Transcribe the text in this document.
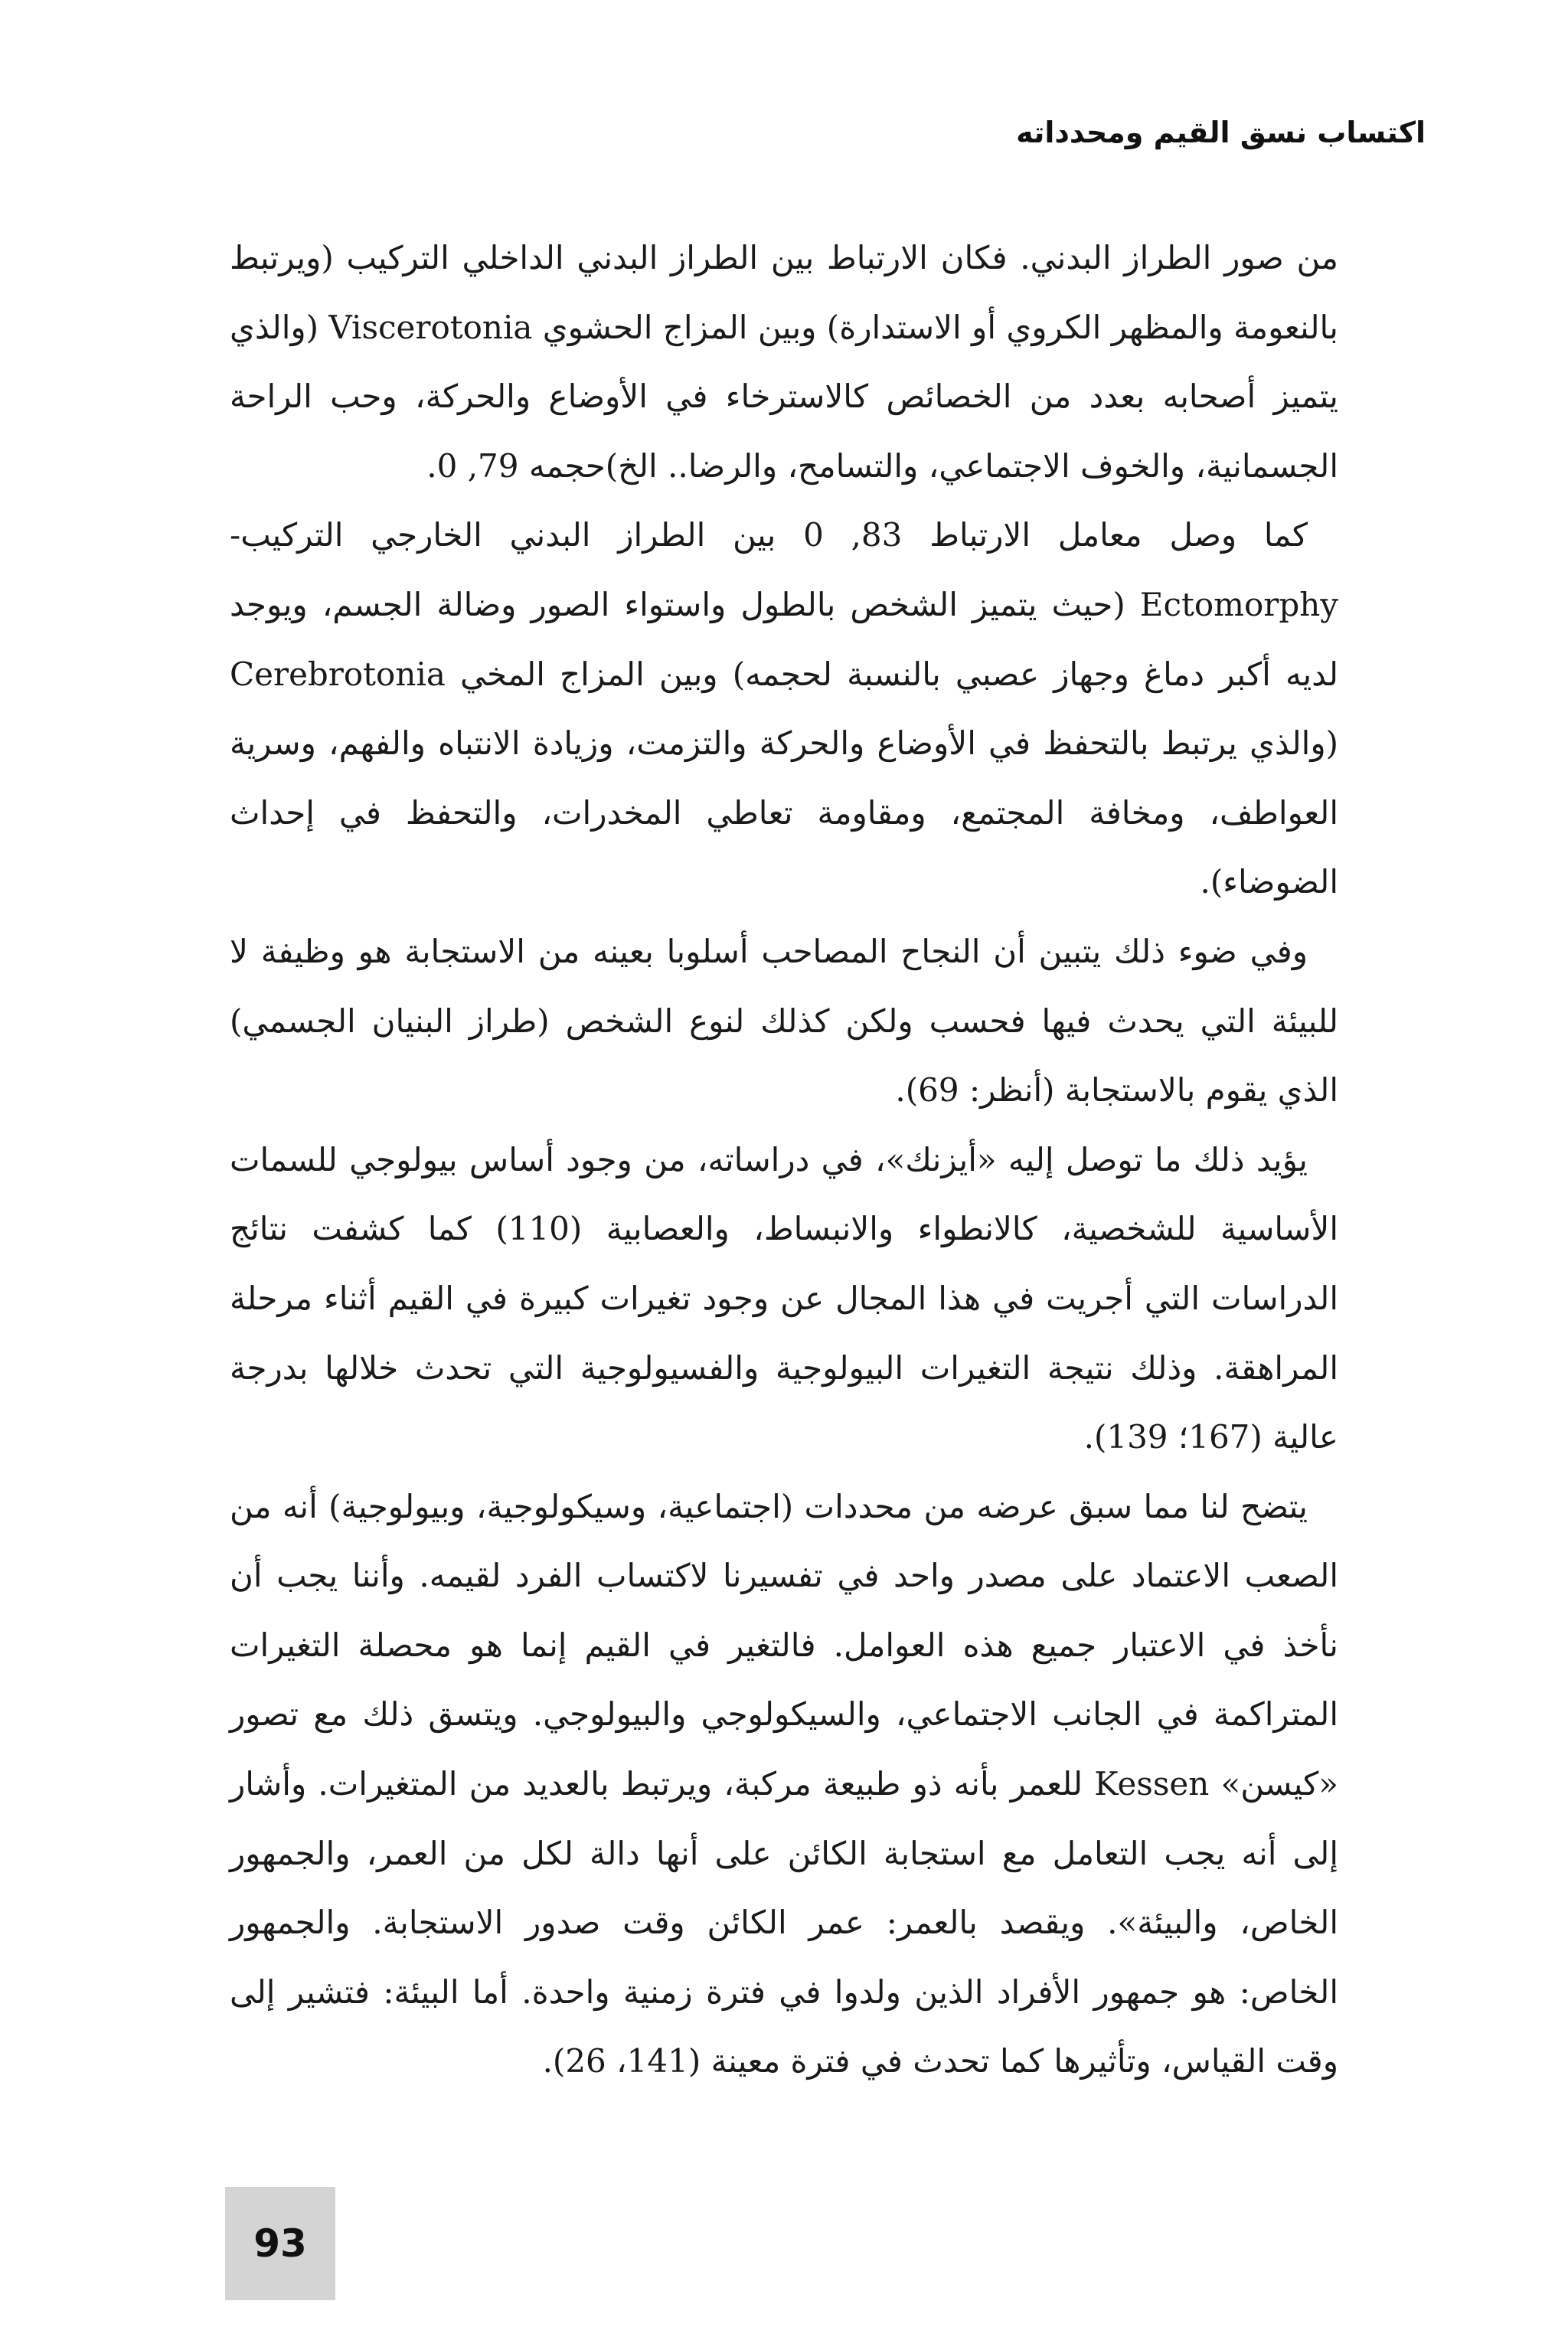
اكتساب نسق القيم ومحدداته

من صور الطراز البدني. فكان الارتباط بين الطراز البدني الداخلي التركيب (ويرتبط بالنعومة والمظهر الكروي أو الاستدارة) وبين المزاج الحشوي Viscerotonia (والذي يتميز أصحابه بعدد من الخصائص كالاسترخاء في الأوضاع والحركة، وحب الراحة الجسمانية، والخوف الاجتماعي، والتسامح، والرضا.. الخ)حجمه 79, 0.

كما وصل معامل الارتباط 83, 0 بين الطراز البدني الخارجي التركيب- Ectomorphy (حيث يتميز الشخص بالطول واستواء الصور وضالة الجسم، ويوجد لديه أكبر دماغ وجهاز عصبي بالنسبة لحجمه) وبين المزاج المخي Cerebrotonia (والذي يرتبط بالتحفظ في الأوضاع والحركة والتزمت، وزيادة الانتباه والفهم، وسرية العواطف، ومخافة المجتمع، ومقاومة تعاطي المخدرات، والتحفظ في إحداث الضوضاء).

وفي ضوء ذلك يتبين أن النجاح المصاحب أسلوبا بعينه من الاستجابة هو وظيفة لا للبيئة التي يحدث فيها فحسب ولكن كذلك لنوع الشخص (طراز البنيان الجسمي) الذي يقوم بالاستجابة (أنظر: 69).

يؤيد ذلك ما توصل إليه «أيزنك»، في دراساته، من وجود أساس بيولوجي للسمات الأساسية للشخصية، كالانطواء والانبساط، والعصابية (110) كما كشفت نتائج الدراسات التي أجريت في هذا المجال عن وجود تغيرات كبيرة في القيم أثناء مرحلة المراهقة. وذلك نتيجة التغيرات البيولوجية والفسيولوجية التي تحدث خلالها بدرجة عالية (167؛ 139).

يتضح لنا مما سبق عرضه من محددات (اجتماعية، وسيكولوجية، وبيولوجية) أنه من الصعب الاعتماد على مصدر واحد في تفسيرنا لاكتساب الفرد لقيمه. وأننا يجب أن نأخذ في الاعتبار جميع هذه العوامل. فالتغير في القيم إنما هو محصلة التغيرات المتراكمة في الجانب الاجتماعي، والسيكولوجي والبيولوجي. ويتسق ذلك مع تصور «كيسن» Kessen للعمر بأنه ذو طبيعة مركبة، ويرتبط بالعديد من المتغيرات. وأشار إلى أنه يجب التعامل مع استجابة الكائن على أنها دالة لكل من العمر، والجمهور الخاص، والبيئة». ويقصد بالعمر: عمر الكائن وقت صدور الاستجابة. والجمهور الخاص: هو جمهور الأفراد الذين ولدوا في فترة زمنية واحدة. أما البيئة: فتشير إلى وقت القياس، وتأثيرها كما تحدث في فترة معينة (141، 26).

93
